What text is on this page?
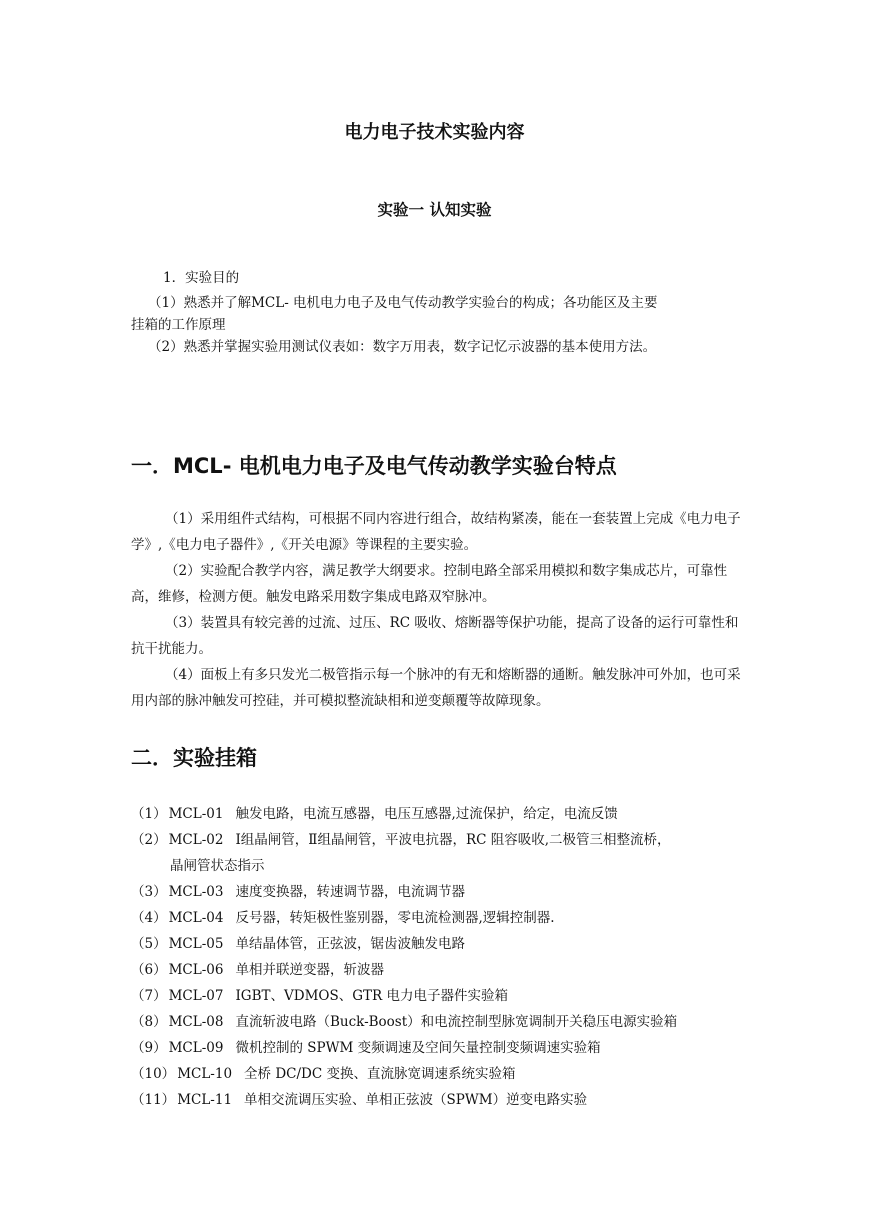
电力电子技术实验内容
实验一 认知实验
1．实验目的
（1）熟悉并了解MCL- 电机电力电子及电气传动教学实验台的构成；各功能区及主要
挂箱的工作原理
（2）熟悉并掌握实验用测试仪表如：数字万用表，数字记忆示波器的基本使用方法。
一．MCL- 电机电力电子及电气传动教学实验台特点

（1）采用组件式结构，可根据不同内容进行组合，故结构紧凑，能在一套装置上完成《电力电子学》,《电力电子器件》,《开关电源》等课程的主要实验。

（2）实验配合教学内容，满足教学大纲要求。控制电路全部采用模拟和数字集成芯片，可靠性高，维修，检测方便。触发电路采用数字集成电路双窄脉冲。

（3）装置具有较完善的过流、过压、RC 吸收、熔断器等保护功能，提高了设备的运行可靠性和抗干扰能力。

（4）面板上有多只发光二极管指示每一个脉冲的有无和熔断器的通断。触发脉冲可外加，也可采用内部的脉冲触发可控硅，并可模拟整流缺相和逆变颠覆等故障现象。

二．实验挂箱
（1） MCL-01 触发电路，电流互感器，电压互感器,过流保护，给定，电流反馈
（2） MCL-02 Ⅰ组晶闸管，Ⅱ组晶闸管，平波电抗器，RC 阻容吸收,二极管三相整流桥，
晶闸管状态指示
（3） MCL-03 速度变换器，转速调节器，电流调节器
（4） MCL-04 反号器，转矩极性鉴别器，零电流检测器,逻辑控制器.
（5） MCL-05 单结晶体管，正弦波，锯齿波触发电路
（6） MCL-06 单相并联逆变器，斩波器
（7） MCL-07 IGBT、VDMOS、GTR 电力电子器件实验箱
（8） MCL-08 直流斩波电路（Buck-Boost）和电流控制型脉宽调制开关稳压电源实验箱
（9） MCL-09 微机控制的 SPWM 变频调速及空间矢量控制变频调速实验箱
（10） MCL-10 全桥 DC/DC 变换、直流脉宽调速系统实验箱
（11） MCL-11 单相交流调压实验、单相正弦波（SPWM）逆变电路实验
